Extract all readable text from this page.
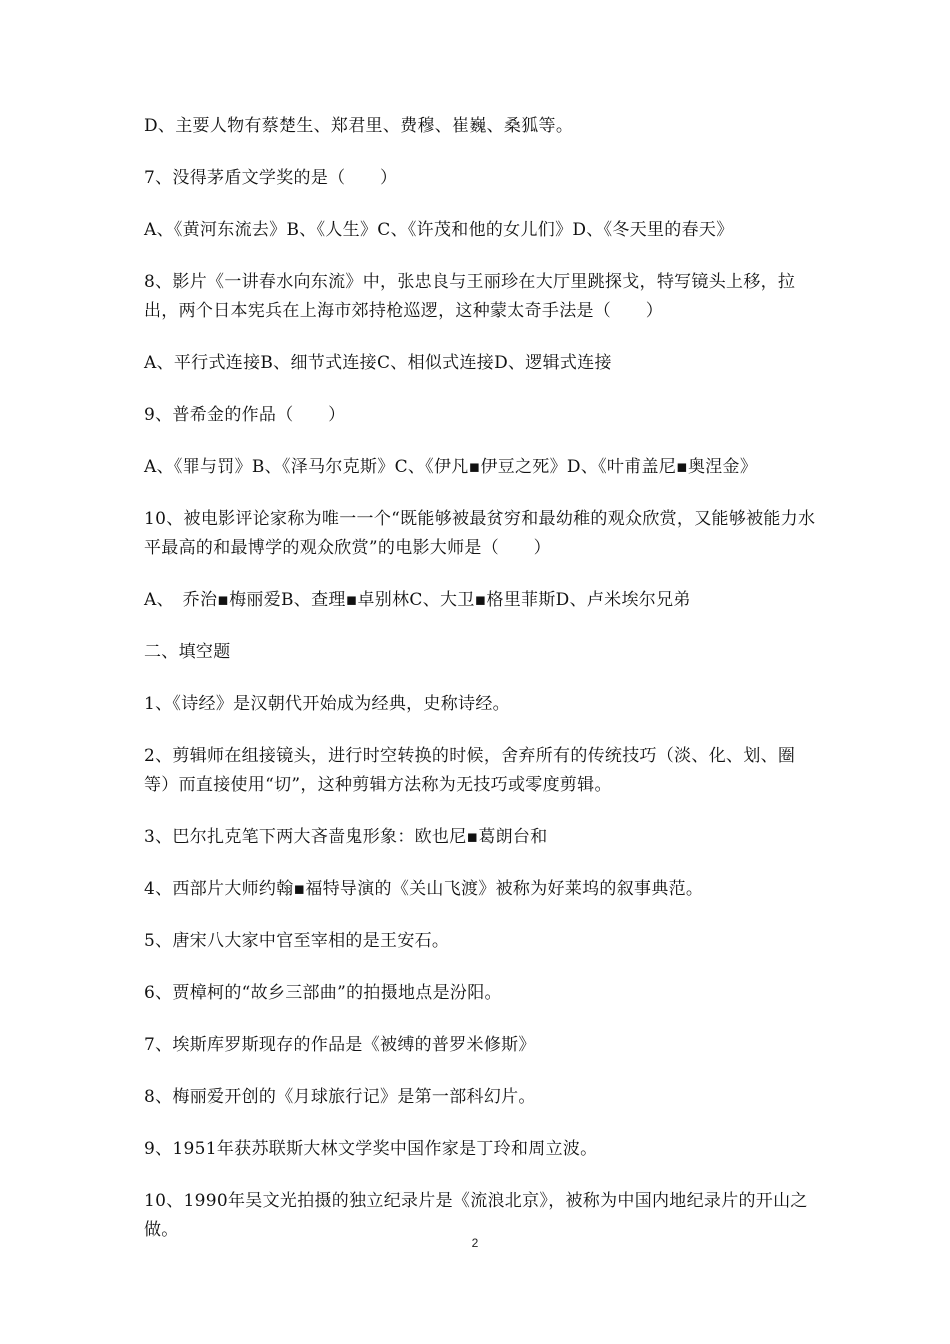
D、主要人物有蔡楚生、郑君里、费穆、崔巍、桑狐等。

7、没得茅盾文学奖的是（　　）

A、《黄河东流去》B、《人生》C、《许茂和他的女儿们》D、《冬天里的春天》

8、影片《一讲春水向东流》中，张忠良与王丽珍在大厅里跳探戈，特写镜头上移，拉出，两个日本宪兵在上海市郊持枪巡逻，这种蒙太奇手法是（　　）

A、平行式连接B、细节式连接C、相似式连接D、逻辑式连接

9、普希金的作品（　　）

A、《罪与罚》B、《泽马尔克斯》C、《伊凡▪伊豆之死》D、《叶甫盖尼▪奥涅金》

10、被电影评论家称为唯一一个“既能够被最贫穷和最幼稚的观众欣赏，又能够被能力水平最高的和最博学的观众欣赏”的电影大师是（　　）

A、　乔治▪梅丽爱B、查理▪卓别林C、大卫▪格里菲斯D、卢米埃尔兄弟

二、填空题

1、《诗经》是汉朝代开始成为经典，史称诗经。

2、剪辑师在组接镜头，进行时空转换的时候，舍弃所有的传统技巧（淡、化、划、圈等）而直接使用“切”，这种剪辑方法称为无技巧或零度剪辑。

3、巴尔扎克笔下两大吝啬鬼形象：欧也尼▪葛朗台和

4、西部片大师约翰▪福特导演的《关山飞渡》被称为好莱坞的叙事典范。

5、唐宋八大家中官至宰相的是王安石。

6、贾樟柯的“故乡三部曲”的拍摄地点是汾阳。

7、埃斯库罗斯现存的作品是《被缚的普罗米修斯》

8、梅丽爱开创的《月球旅行记》是第一部科幻片。

9、1951年获苏联斯大林文学奖中国作家是丁玲和周立波。

10、1990年吴文光拍摄的独立纪录片是《流浪北京》，被称为中国内地纪录片的开山之做。

2
